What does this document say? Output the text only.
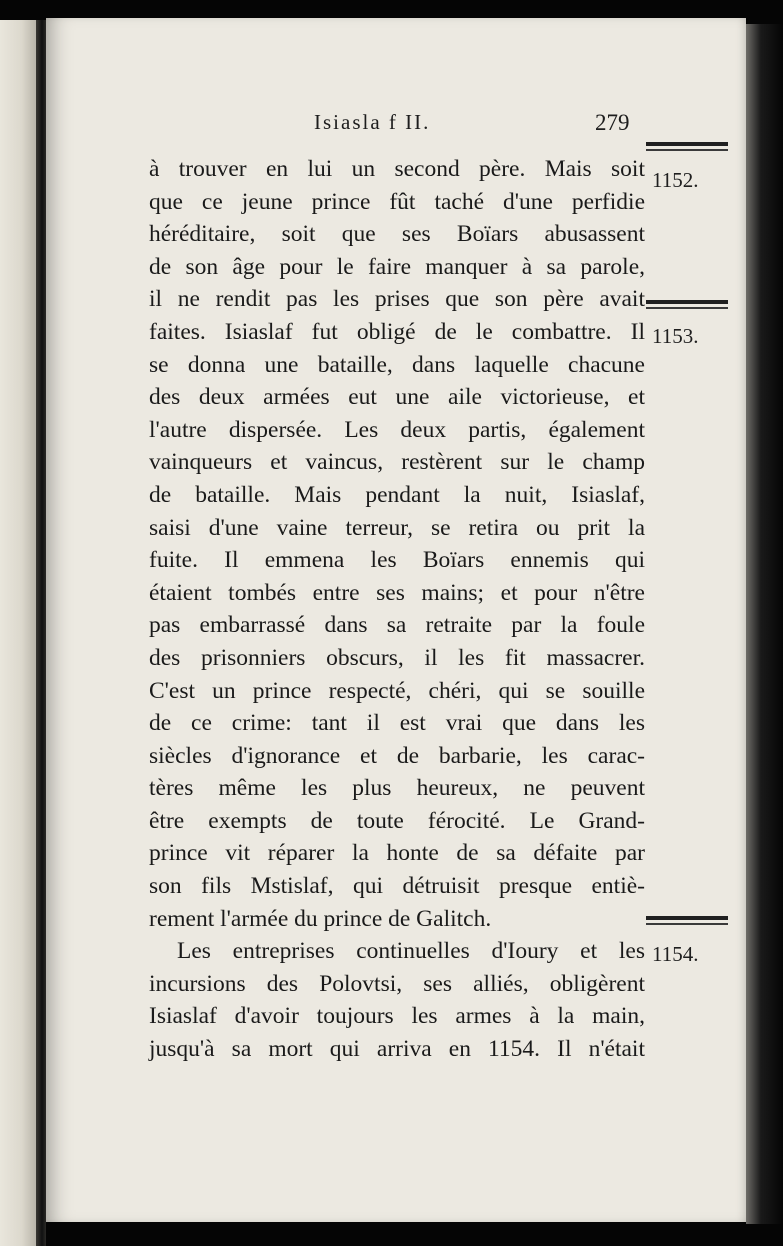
Isiasla f II.	279
à trouver en lui un second père. Mais soit
que ce jeune prince fût taché d'une perfidie
héréditaire, soit que ses Boïars abusassent
de son âge pour le faire manquer à sa parole,
il ne rendit pas les prises que son père avait
faites. Isiaslaf fut obligé de le combattre. Il
se donna une bataille, dans laquelle chacune
des deux armées eut une aile victorieuse, et
l'autre dispersée. Les deux partis, également
vainqueurs et vaincus, restèrent sur le champ
de bataille. Mais pendant la nuit, Isiaslaf,
saisi d'une vaine terreur, se retira ou prit la
fuite. Il emmena les Boïars ennemis qui
étaient tombés entre ses mains; et pour n'être
pas embarrassé dans sa retraite par la foule
des prisonniers obscurs, il les fit massacrer.
C'est un prince respecté, chéri, qui se souille
de ce crime: tant il est vrai que dans les
siècles d'ignorance et de barbarie, les carac-
tères même les plus heureux, ne peuvent
être exempts de toute férocité. Le Grand-
prince vit réparer la honte de sa défaite par
son fils Mstislaf, qui détruisit presque entiè-
rement l'armée du prince de Galitch.
Les entreprises continuelles d'Ioury et les
incursions des Polovtsi, ses alliés, obligèrent
Isiaslaf d'avoir toujours les armes à la main,
jusqu'à sa mort qui arriva en 1154. Il n'était
1152.
1153.
1154.
